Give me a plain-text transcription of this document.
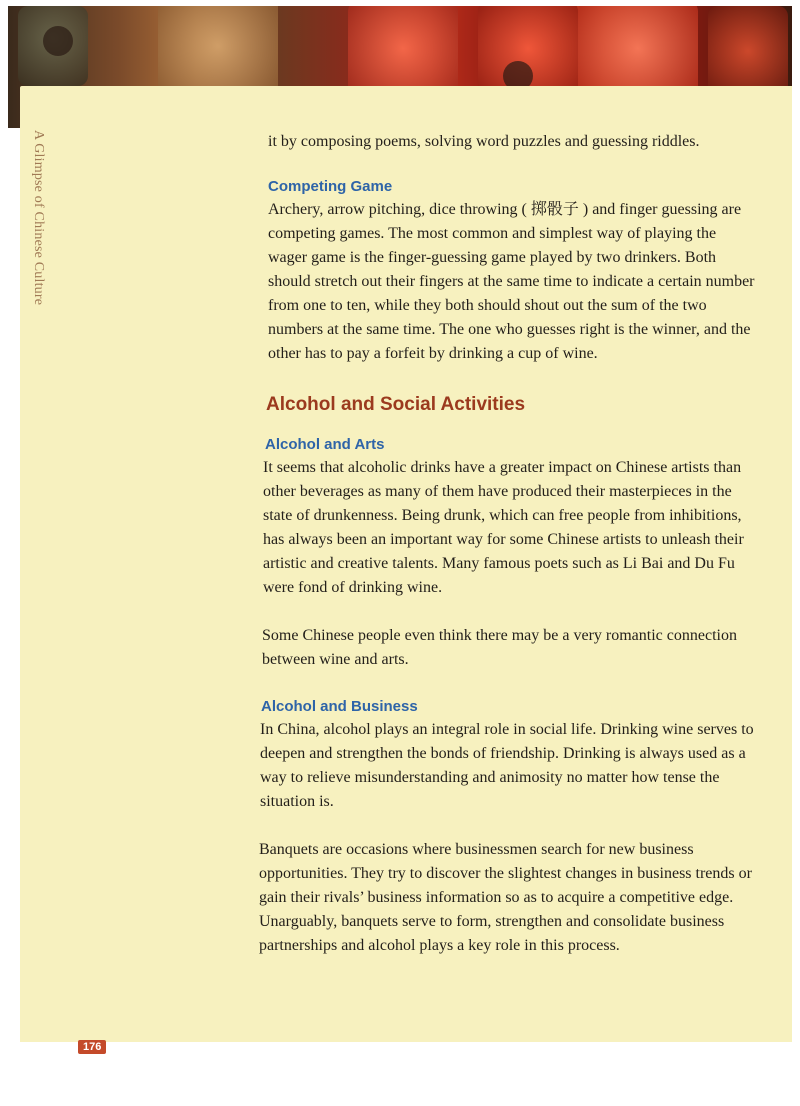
A Glimpse of Chinese Culture	it by composing poems, solving word puzzles and guessing riddles.

Competing Game

Archery, arrow pitching, dice throwing ( 掷骰子 ) and finger guessing are competing games. The most common and simplest way of playing the wager game is the finger-guessing game played by two drinkers. Both should stretch out their fingers at the same time to indicate a certain number from one to ten, while they both should shout out the sum of the two numbers at the same time. The one who guesses right is the winner, and the other has to pay a forfeit by drinking a cup of wine.

Alcohol and Social Activities
Alcohol and Arts

It seems that alcoholic drinks have a greater impact on Chinese artists than other beverages as many of them have produced their masterpieces in the state of drunkenness. Being drunk, which can free people from inhibitions, has always been an important way for some Chinese artists to unleash their artistic and creative talents. Many famous poets such as Li Bai and Du Fu were fond of drinking wine.

Some Chinese people even think there may be a very romantic connection between wine and arts.

Alcohol and Business

In China, alcohol plays an integral role in social life. Drinking wine serves to deepen and strengthen the bonds of friendship. Drinking is always used as a way to relieve misunderstanding and animosity no matter how tense the situation is.

Banquets are occasions where businessmen search for new business opportunities. They try to discover the slightest changes in business trends or gain their rivals’ business information so as to acquire a competitive edge. Unarguably, banquets serve to form, strengthen and consolidate business partnerships and alcohol plays a key role in this process.

176
